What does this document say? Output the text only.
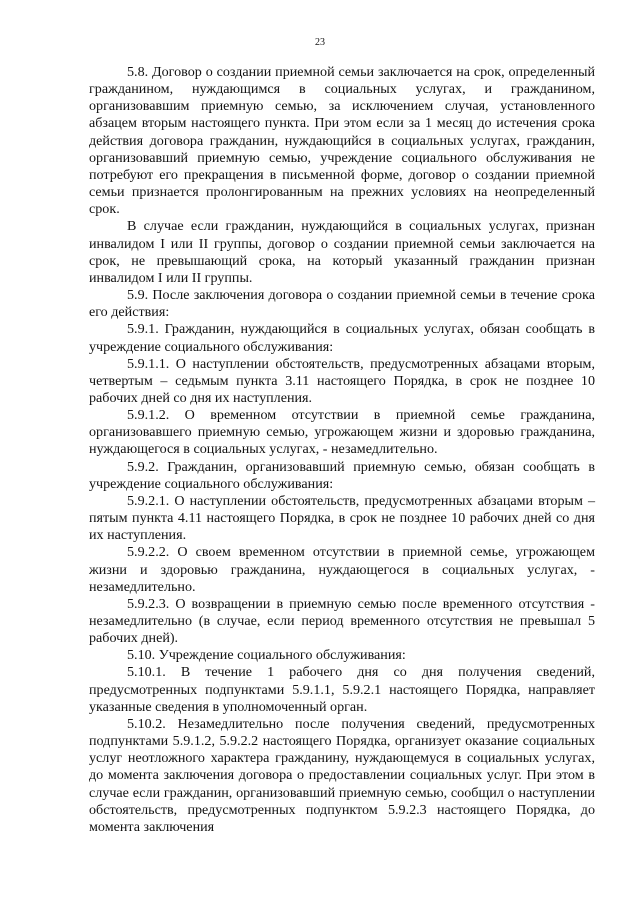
23

5.8. Договор о создании приемной семьи заключается на срок, определенный гражданином, нуждающимся в социальных услугах, и гражданином, организовавшим приемную семью, за исключением случая, установленного абзацем вторым настоящего пункта. При этом если за 1 месяц до истечения срока действия договора гражданин, нуждающийся в социальных услугах, гражданин, организовавший приемную семью, учреждение социального обслуживания не потребуют его прекращения в письменной форме, договор о создании приемной семьи признается пролонгированным на прежних условиях на неопределенный срок.

В случае если гражданин, нуждающийся в социальных услугах, признан инвалидом I или II группы, договор о создании приемной семьи заключается на срок, не превышающий срока, на который указанный гражданин признан инвалидом I или II группы.

5.9. После заключения договора о создании приемной семьи в течение срока его действия:

5.9.1. Гражданин, нуждающийся в социальных услугах, обязан сообщать в учреждение социального обслуживания:

5.9.1.1. О наступлении обстоятельств, предусмотренных абзацами вторым, четвертым – седьмым пункта 3.11 настоящего Порядка, в срок не позднее 10 рабочих дней со дня их наступления.

5.9.1.2. О временном отсутствии в приемной семье гражданина, организовавшего приемную семью, угрожающем жизни и здоровью гражданина, нуждающегося в социальных услугах, - незамедлительно.

5.9.2. Гражданин, организовавший приемную семью, обязан сообщать в учреждение социального обслуживания:

5.9.2.1. О наступлении обстоятельств, предусмотренных абзацами вторым – пятым пункта 4.11 настоящего Порядка, в срок не позднее 10 рабочих дней со дня их наступления.

5.9.2.2. О своем временном отсутствии в приемной семье, угрожающем жизни и здоровью гражданина, нуждающегося в социальных услугах, - незамедлительно.

5.9.2.3. О возвращении в приемную семью после временного отсутствия - незамедлительно (в случае, если период временного отсутствия не превышал 5 рабочих дней).

5.10. Учреждение социального обслуживания:

5.10.1. В течение 1 рабочего дня со дня получения сведений, предусмотренных подпунктами 5.9.1.1, 5.9.2.1 настоящего Порядка, направляет указанные сведения в уполномоченный орган.

5.10.2. Незамедлительно после получения сведений, предусмотренных подпунктами 5.9.1.2, 5.9.2.2 настоящего Порядка, организует оказание социальных услуг неотложного характера гражданину, нуждающемуся в социальных услугах, до момента заключения договора о предоставлении социальных услуг. При этом в случае если гражданин, организовавший приемную семью, сообщил о наступлении обстоятельств, предусмотренных подпунктом 5.9.2.3 настоящего Порядка, до момента заключения
